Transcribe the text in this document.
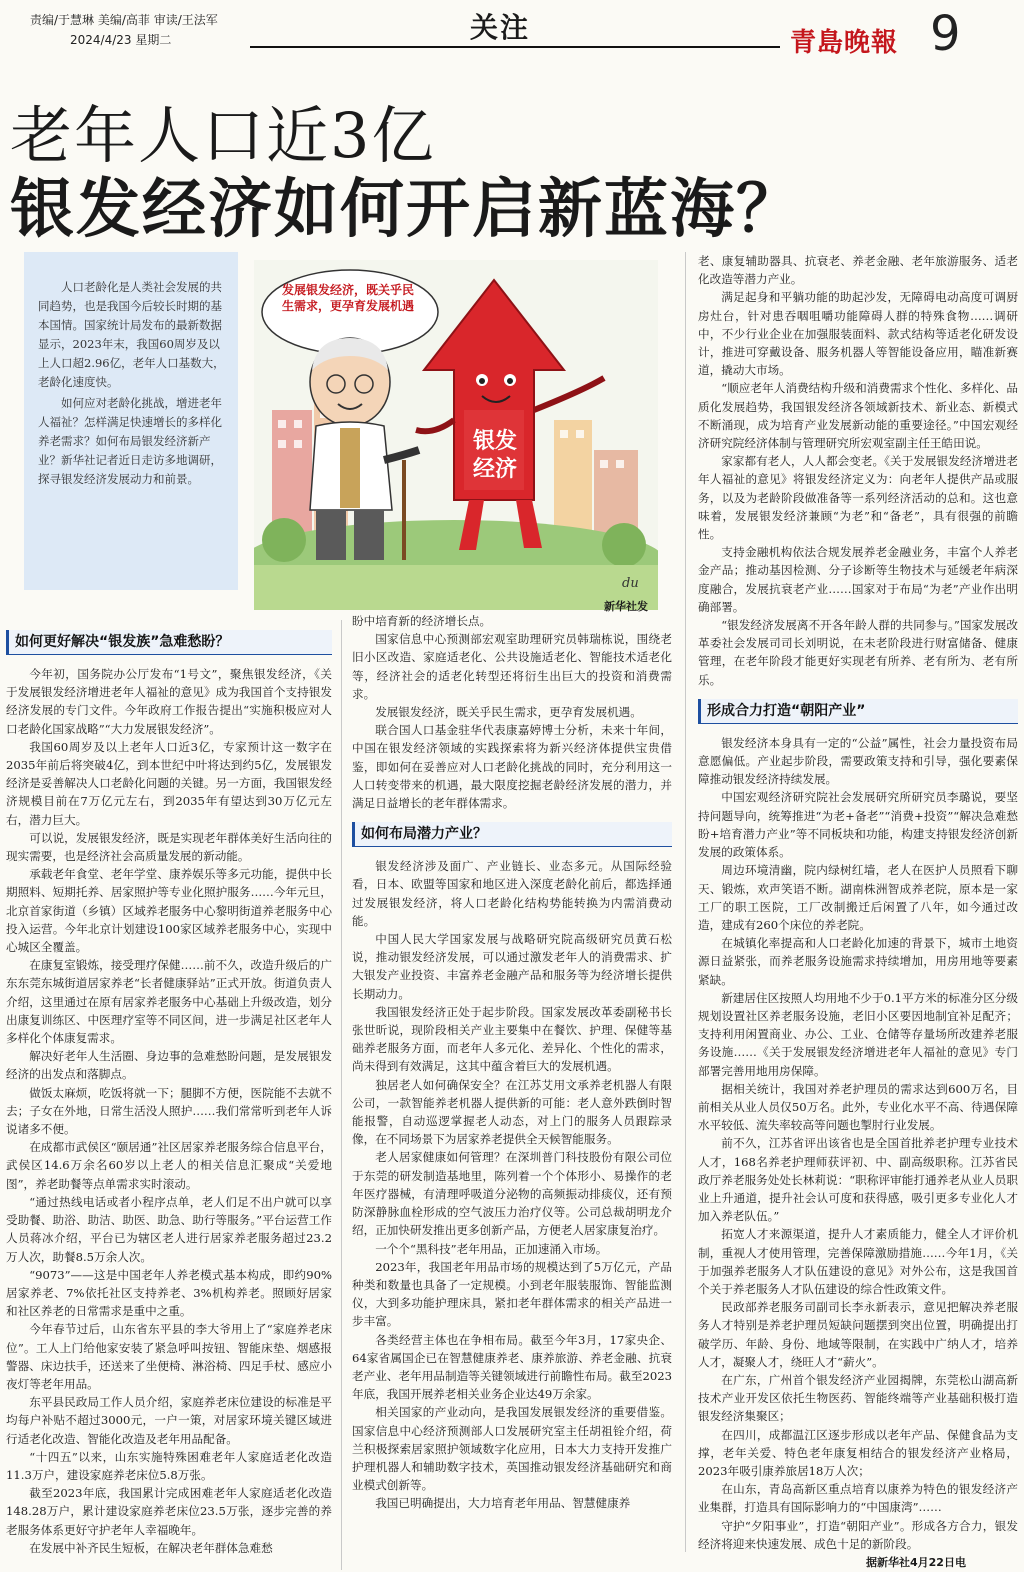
责编/于慧琳 美编/高菲 审读/王法军
2024/4/23 星期二	关注	青島晚報 9
老年人口近3亿
银发经济如何开启新蓝海？

人口老龄化是人类社会发展的共同趋势，也是我国今后较长时期的基本国情。国家统计局发布的最新数据显示，2023年末，我国60周岁及以上人口超2.96亿，老年人口基数大，老龄化速度快。

如何应对老龄化挑战，增进老年人福祉？怎样满足快速增长的多样化养老需求？如何布局银发经济新产业？新华社记者近日走访多地调研，探寻银发经济发展动力和前景。

发展银发经济，既关乎民生需求，更孕育发展机遇
银发经济
du
新华社发
如何更好解决“银发族”急难愁盼？

今年初，国务院办公厅发布“1号文”，聚焦银发经济，《关于发展银发经济增进老年人福祉的意见》成为我国首个支持银发经济发展的专门文件。今年政府工作报告提出“实施积极应对人口老龄化国家战略”“大力发展银发经济”。

我国60周岁及以上老年人口近3亿，专家预计这一数字在2035年前后将突破4亿，到本世纪中叶将达到约5亿，发展银发经济是妥善解决人口老龄化问题的关键。另一方面，我国银发经济规模目前在7万亿元左右，到2035年有望达到30万亿元左右，潜力巨大。

可以说，发展银发经济，既是实现老年群体美好生活向往的现实需要，也是经济社会高质量发展的新动能。

承载老年食堂、老年学堂、康养娱乐等多元功能，提供中长期照料、短期托养、居家照护等专业化照护服务……今年元旦，北京首家街道（乡镇）区域养老服务中心黎明街道养老服务中心投入运营。今年北京计划建设100家区域养老服务中心，实现中心城区全覆盖。

在康复室锻炼，接受理疗保健……前不久，改造升级后的广东东莞东城街道居家养老“长者健康驿站”正式开放。街道负责人介绍，这里通过在原有居家养老服务中心基础上升级改造，划分出康复训练区、中医理疗室等不同区间，进一步满足社区老年人多样化个体康复需求。

解决好老年人生活圈、身边事的急难愁盼问题，是发展银发经济的出发点和落脚点。

做饭太麻烦，吃饭将就一下；腿脚不方便，医院能不去就不去；子女在外地，日常生活没人照护……我们常常听到老年人诉说诸多不便。

在成都市武侯区“颐居通”社区居家养老服务综合信息平台，武侯区14.6万余名60岁以上老人的相关信息汇聚成“关爱地图”，养老助餐等点单需求实时滚动。

“通过热线电话或者小程序点单，老人们足不出户就可以享受助餐、助浴、助洁、助医、助急、助行等服务。”平台运营工作人员蒋冰介绍，平台已为辖区老人进行居家养老服务超过23.2万人次，助餐8.5万余人次。

“9073”——这是中国老年人养老模式基本构成，即约90%居家养老、7%依托社区支持养老、3%机构养老。照顾好居家和社区养老的日常需求是重中之重。

今年春节过后，山东省东平县的李大爷用上了“家庭养老床位”。工人上门给他家安装了紧急呼叫按钮、智能床垫、烟感报警器、床边扶手，还送来了坐便椅、淋浴椅、四足手杖、感应小夜灯等老年用品。

东平县民政局工作人员介绍，家庭养老床位建设的标准是平均每户补贴不超过3000元，一户一策，对居家环境关键区域进行适老化改造、智能化改造及老年用品配备。

“十四五”以来，山东实施特殊困难老年人家庭适老化改造11.3万户，建设家庭养老床位5.8万张。

截至2023年底，我国累计完成困难老年人家庭适老化改造148.28万户，累计建设家庭养老床位23.5万张，逐步完善的养老服务体系更好守护老年人幸福晚年。

在发展中补齐民生短板，在解决老年群体急难愁

盼中培育新的经济增长点。

国家信息中心预测部宏观室助理研究员韩瑞栋说，围绕老旧小区改造、家庭适老化、公共设施适老化、智能技术适老化等，经济社会的适老化转型还将衍生出巨大的投资和消费需求。

发展银发经济，既关乎民生需求，更孕育发展机遇。

联合国人口基金驻华代表康嘉婷博士分析，未来十年间，中国在银发经济领域的实践探索将为新兴经济体提供宝贵借鉴，即如何在妥善应对人口老龄化挑战的同时，充分利用这一人口转变带来的机遇，最大限度挖掘老龄经济发展的潜力，并满足日益增长的老年群体需求。

如何布局潜力产业？

银发经济涉及面广、产业链长、业态多元。从国际经验看，日本、欧盟等国家和地区进入深度老龄化前后，都选择通过发展银发经济，将人口老龄化结构势能转换为内需消费动能。

中国人民大学国家发展与战略研究院高级研究员黄石松说，推动银发经济发展，可以通过激发老年人的消费需求、扩大银发产业投资、丰富养老金融产品和服务等为经济增长提供长期动力。

我国银发经济正处于起步阶段。国家发展改革委副秘书长张世昕说，现阶段相关产业主要集中在餐饮、护理、保健等基础养老服务方面，而老年人多元化、差异化、个性化的需求，尚未得到有效满足，这其中蕴含着巨大的发展机遇。

独居老人如何确保安全？在江苏艾用文承养老机器人有限公司，一款智能养老机器人提供新的可能：老人意外跌倒时智能报警，自动巡逻掌握老人动态，对上门的服务人员跟踪录像，在不同场景下为居家养老提供全天候智能服务。

老人居家健康如何管理？在深圳普门科技股份有限公司位于东莞的研发制造基地里，陈列着一个个体形小、易操作的老年医疗器械，有清理呼吸道分泌物的高频振动排痰仪，还有预防深静脉血栓形成的空气波压力治疗仪等。公司总裁胡明龙介绍，正加快研发推出更多创新产品，方便老人居家康复治疗。

一个个“黑科技”老年用品，正加速涌入市场。

2023年，我国老年用品市场的规模达到了5万亿元，产品种类和数量也具备了一定规模。小到老年服装服饰、智能监测仪，大到多功能护理床具，紧扣老年群体需求的相关产品进一步丰富。

各类经营主体也在争相布局。截至今年3月，17家央企、64家省属国企已在智慧健康养老、康养旅游、养老金融、抗衰老产业、老年用品制造等关键领域进行前瞻性布局。截至2023年底，我国开展养老相关业务企业达49万余家。

相关国家的产业动向，是我国发展银发经济的重要借鉴。国家信息中心经济预测部人口发展研究室主任胡祖铨介绍，荷兰积极探索居家照护领域数字化应用，日本大力支持开发推广护理机器人和辅助数字技术，英国推动银发经济基础研究和商业模式创新等。

我国已明确提出，大力培育老年用品、智慧健康养

老、康复辅助器具、抗衰老、养老金融、老年旅游服务、适老化改造等潜力产业。

满足起身和平躺功能的助起沙发，无障碍电动高度可调厨房灶台，针对患吞咽咀嚼功能障碍人群的特殊食物……调研中，不少行业企业在加强服装面料、款式结构等适老化研发设计，推进可穿戴设备、服务机器人等智能设备应用，瞄准新赛道，撬动大市场。

“顺应老年人消费结构升级和消费需求个性化、多样化、品质化发展趋势，我国银发经济各领域新技术、新业态、新模式不断涌现，成为培育产业发展新动能的重要途径。”中国宏观经济研究院经济体制与管理研究所宏观室副主任王皓田说。

家家都有老人，人人都会变老。《关于发展银发经济增进老年人福祉的意见》将银发经济定义为：向老年人提供产品或服务，以及为老龄阶段做准备等一系列经济活动的总和。这也意味着，发展银发经济兼顾“为老”和“备老”，具有很强的前瞻性。

支持金融机构依法合规发展养老金融业务，丰富个人养老金产品；推动基因检测、分子诊断等生物技术与延缓老年病深度融合，发展抗衰老产业……国家对于布局“为老”产业作出明确部署。

“银发经济发展离不开各年龄人群的共同参与。”国家发展改革委社会发展司司长刘明说，在未老阶段进行财富储备、健康管理，在老年阶段才能更好实现老有所养、老有所为、老有所乐。

形成合力打造“朝阳产业”

银发经济本身具有一定的“公益”属性，社会力量投资布局意愿偏低。产业起步阶段，需要政策支持和引导，强化要素保障推动银发经济持续发展。

中国宏观经济研究院社会发展研究所研究员李璐说，要坚持问题导向，统筹推进“为老+备老”“消费+投资”“解决急难愁盼+培育潜力产业”等不同板块和功能，构建支持银发经济创新发展的政策体系。

周边环境清幽，院内绿树红墙，老人在医护人员照看下聊天、锻炼，欢声笑语不断。湖南株洲智成养老院，原本是一家工厂的职工医院，工厂改制搬迁后闲置了八年，如今通过改造，建成有260个床位的养老院。

在城镇化率提高和人口老龄化加速的背景下，城市土地资源日益紧张，而养老服务设施需求持续增加，用房用地等要素紧缺。

新建居住区按照人均用地不少于0.1平方米的标准分区分级规划设置社区养老服务设施，老旧小区要因地制宜补足配齐；支持利用闲置商业、办公、工业、仓储等存量场所改建养老服务设施……《关于发展银发经济增进老年人福祉的意见》专门部署完善用地用房保障。

据相关统计，我国对养老护理员的需求达到600万名，目前相关从业人员仅50万名。此外，专业化水平不高、待遇保障水平较低、流失率较高等问题也掣肘行业发展。

前不久，江苏省评出该省也是全国首批养老护理专业技术人才，168名养老护理师获评初、中、副高级职称。江苏省民政厅养老服务处处长林莉说：“职称评审能打通养老从业人员职业上升通道，提升社会认可度和获得感，吸引更多专业化人才加入养老队伍。”

拓宽人才来源渠道，提升人才素质能力，健全人才评价机制，重视人才使用管理，完善保障激励措施……今年1月，《关于加强养老服务人才队伍建设的意见》对外公布，这是我国首个关于养老服务人才队伍建设的综合性政策文件。

民政部养老服务司副司长李永新表示，意见把解决养老服务人才特别是养老护理员短缺问题摆到突出位置，明确提出打破学历、年龄、身份、地域等限制，在实践中广纳人才，培养人才，凝聚人才，绕旺人才“薪火”。

在广东，广州首个银发经济产业园揭牌，东莞松山湖高新技术产业开发区依托生物医药、智能终端等产业基础积极打造银发经济集聚区；

在四川，成都温江区逐步形成以老年产品、保健食品为支撑，老年关爱、特色老年康复相结合的银发经济产业格局，2023年吸引康养旅居18万人次；

在山东，青岛高新区重点培育以康养为特色的银发经济产业集群，打造具有国际影响力的“中国康湾”……

守护“夕阳事业”，打造“朝阳产业”。形成各方合力，银发经济将迎来快速发展、成色十足的新阶段。

据新华社4月22日电
